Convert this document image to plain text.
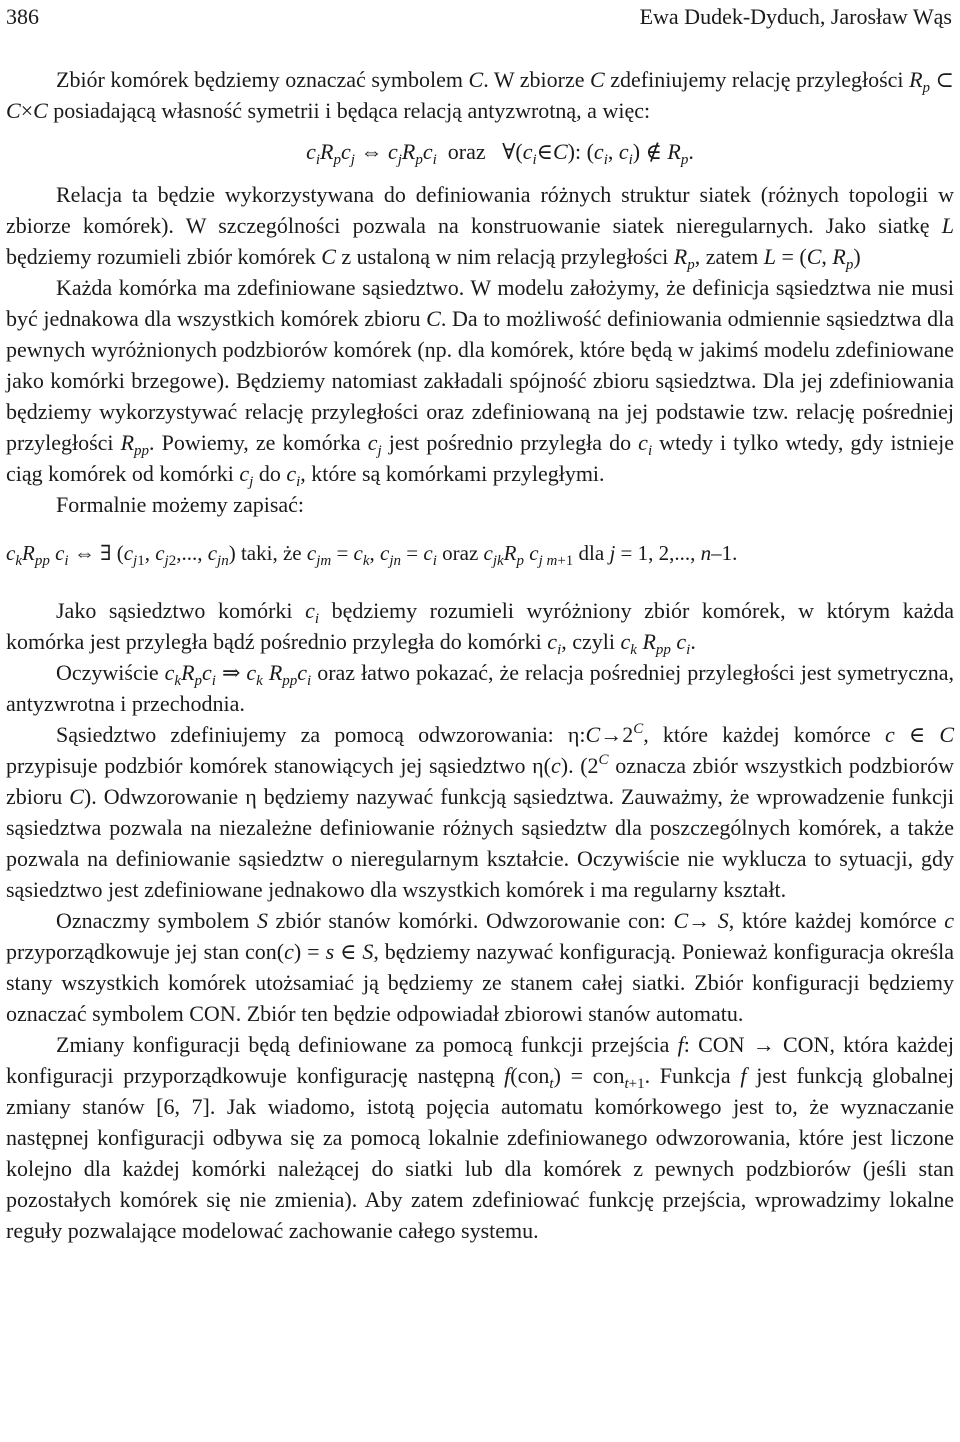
386	Ewa Dudek-Dyduch, Jarosław Wąs

Zbiór komórek będziemy oznaczać symbolem C. W zbiorze C zdefiniujemy relację przyległości $R_p$ ⊂ C×C posiadającą własność symetrii i będąca relacją antyzwrotną, a więc:

$c_iR_pc_j$ ⇔ $c_jR_pc_i$ oraz   $\forall(c_i\in C)$: ($c_i$, $c_i$) ∉ $R_p$.

Relacja ta będzie wykorzystywana do definiowania różnych struktur siatek (różnych topologii w zbiorze komórek). W szczególności pozwala na konstruowanie siatek nieregularnych. Jako siatkę L będziemy rozumieli zbiór komórek C z ustaloną w nim relacją przyległości $R_p$, zatem L = (C, $R_p$)

Każda komórka ma zdefiniowane sąsiedztwo. W modelu założymy, że definicja sąsiedztwa nie musi być jednakowa dla wszystkich komórek zbioru C. Da to możliwość definiowania odmiennie sąsiedztwa dla pewnych wyróżnionych podzbiorów komórek (np. dla komórek, które będą w jakimś modelu zdefiniowane jako komórki brzegowe). Będziemy natomiast zakładali spójność zbioru sąsiedztwa. Dla jej zdefiniowania będziemy wykorzystywać relację przyległości oraz zdefiniowaną na jej podstawie tzw. relację pośredniej przyległości $R_{pp}$. Powiemy, ze komórka $c_j$ jest pośrednio przyległa do $c_i$ wtedy i tylko wtedy, gdy istnieje ciąg komórek od komórki $c_j$ do $c_i$, które są komórkami przyległymi.

Formalnie możemy zapisać:

$c_kR_{pp}$ $c_i$ ⇔ ∃ ($c_{j1}$, $c_{j2}$,..., $c_{jn}$) taki, że $c_{jm} = c_k$, $c_{jn} = c_i$ oraz $c_{jk}R_p$ $c_{j m+1}$ dla j = 1, 2,..., n–1.

Jako sąsiedztwo komórki $c_i$ będziemy rozumieli wyróżniony zbiór komórek, w którym każda komórka jest przyległa bądź pośrednio przyległa do komórki $c_i$, czyli $c_k$ $R_{pp}$ $c_i$.

Oczywiście $c_kR_pc_i$ ⇒ $c_k$ $R_{pp}c_i$ oraz łatwo pokazać, że relacja pośredniej przyległości jest symetryczna, antyzwrotna i przechodnia.

Sąsiedztwo zdefiniujemy za pomocą odwzorowania: $\eta:C\to 2^C$, które każdej komórce c ∈ C przypisuje podzbiór komórek stanowiących jej sąsiedztwo η(c). ($2^C$ oznacza zbiór wszystkich podzbiorów zbioru C). Odwzorowanie η będziemy nazywać funkcją sąsiedztwa. Zauważmy, że wprowadzenie funkcji sąsiedztwa pozwala na niezależne definiowanie różnych sąsiedztw dla poszczególnych komórek, a także pozwala na definiowanie sąsiedztw o nieregularnym kształcie. Oczywiście nie wyklucza to sytuacji, gdy sąsiedztwo jest zdefiniowane jednakowo dla wszystkich komórek i ma regularny kształt.

Oznaczmy symbolem S zbiór stanów komórki. Odwzorowanie con: C→ S, które każdej komórce c przyporządkowuje jej stan con(c) = s ∈ S, będziemy nazywać konfiguracją. Ponieważ konfiguracja określa stany wszystkich komórek utożsamiać ją będziemy ze stanem całej siatki. Zbiór konfiguracji będziemy oznaczać symbolem CON. Zbiór ten będzie odpowiadał zbiorowi stanów automatu.

Zmiany konfiguracji będą definiowane za pomocą funkcji przejścia f: CON → CON, która każdej konfiguracji przyporządkowuje konfigurację następną f(con$_t$) = con$_{t+1}$. Funkcja f jest funkcją globalnej zmiany stanów [6, 7]. Jak wiadomo, istotą pojęcia automatu komórkowego jest to, że wyznaczanie następnej konfiguracji odbywa się za pomocą lokalnie zdefiniowanego odwzorowania, które jest liczone kolejno dla każdej komórki należącej do siatki lub dla komórek z pewnych podzbiorów (jeśli stan pozostałych komórek się nie zmienia). Aby zatem zdefiniować funkcję przejścia, wprowadzimy lokalne reguły pozwalające modelować zachowanie całego systemu.
